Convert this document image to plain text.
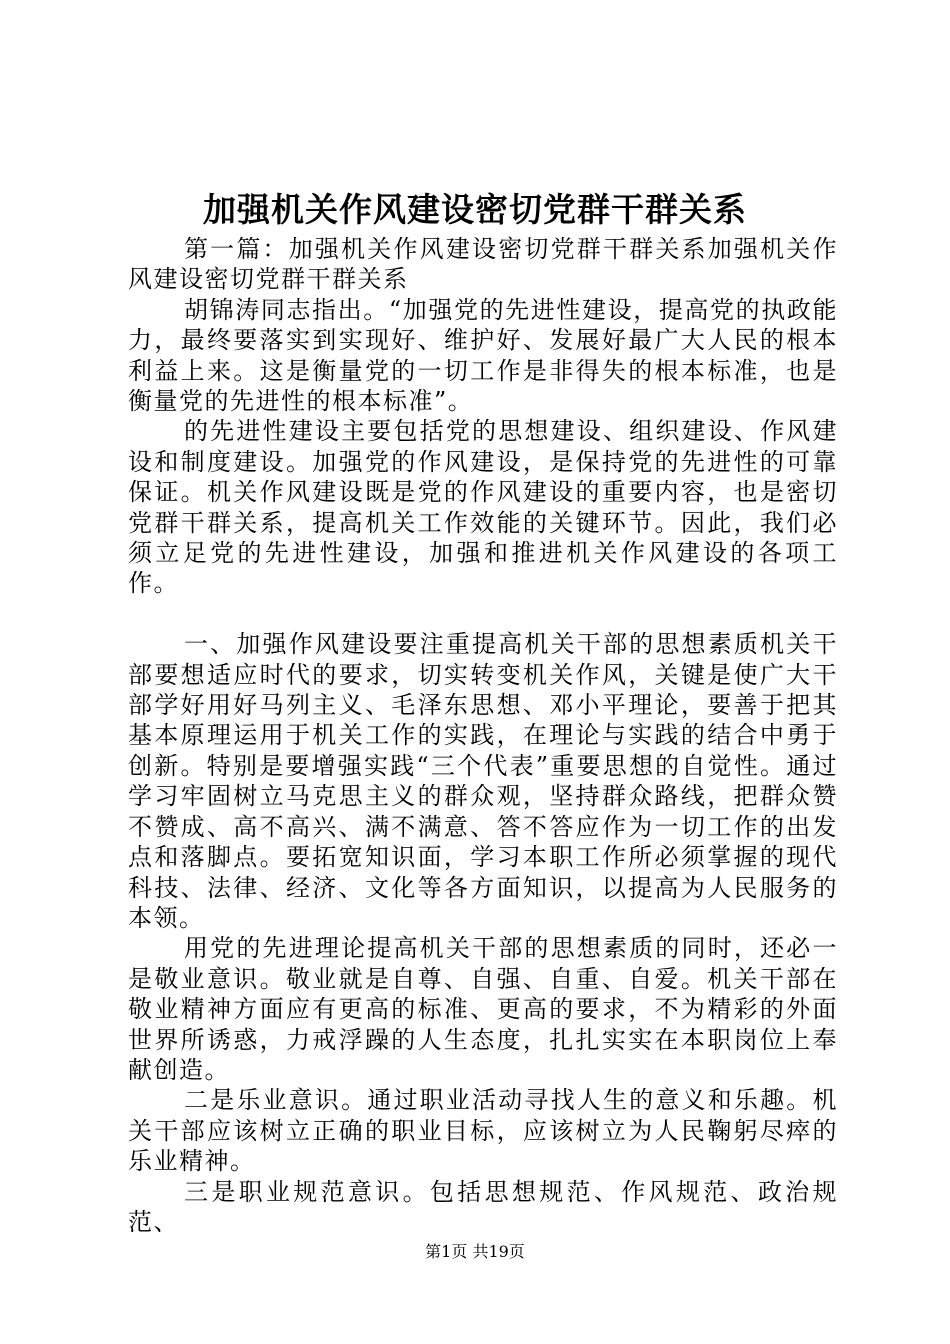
加强机关作风建设密切党群干群关系

第一篇：加强机关作风建设密切党群干群关系加强机关作风建设密切党群干群关系

胡锦涛同志指出。“加强党的先进性建设，提高党的执政能力，最终要落实到实现好、维护好、发展好最广大人民的根本利益上来。这是衡量党的一切工作是非得失的根本标准，也是衡量党的先进性的根本标准”。

的先进性建设主要包括党的思想建设、组织建设、作风建设和制度建设。加强党的作风建设，是保持党的先进性的可靠保证。机关作风建设既是党的作风建设的重要内容，也是密切党群干群关系，提高机关工作效能的关键环节。因此，我们必须立足党的先进性建设，加强和推进机关作风建设的各项工作。

一、加强作风建设要注重提高机关干部的思想素质机关干部要想适应时代的要求，切实转变机关作风，关键是使广大干部学好用好马列主义、毛泽东思想、邓小平理论，要善于把其基本原理运用于机关工作的实践，在理论与实践的结合中勇于创新。特别是要增强实践“三个代表”重要思想的自觉性。通过学习牢固树立马克思主义的群众观，坚持群众路线，把群众赞不赞成、高不高兴、满不满意、答不答应作为一切工作的出发点和落脚点。要拓宽知识面，学习本职工作所必须掌握的现代科技、法律、经济、文化等各方面知识，以提高为人民服务的本领。

用党的先进理论提高机关干部的思想素质的同时，还必一是敬业意识。敬业就是自尊、自强、自重、自爱。机关干部在敬业精神方面应有更高的标准、更高的要求，不为精彩的外面世界所诱惑，力戒浮躁的人生态度，扎扎实实在本职岗位上奉献创造。

二是乐业意识。通过职业活动寻找人生的意义和乐趣。机关干部应该树立正确的职业目标，应该树立为人民鞠躬尽瘁的乐业精神。

三是职业规范意识。包括思想规范、作风规范、政治规范、

第1页 共19页
